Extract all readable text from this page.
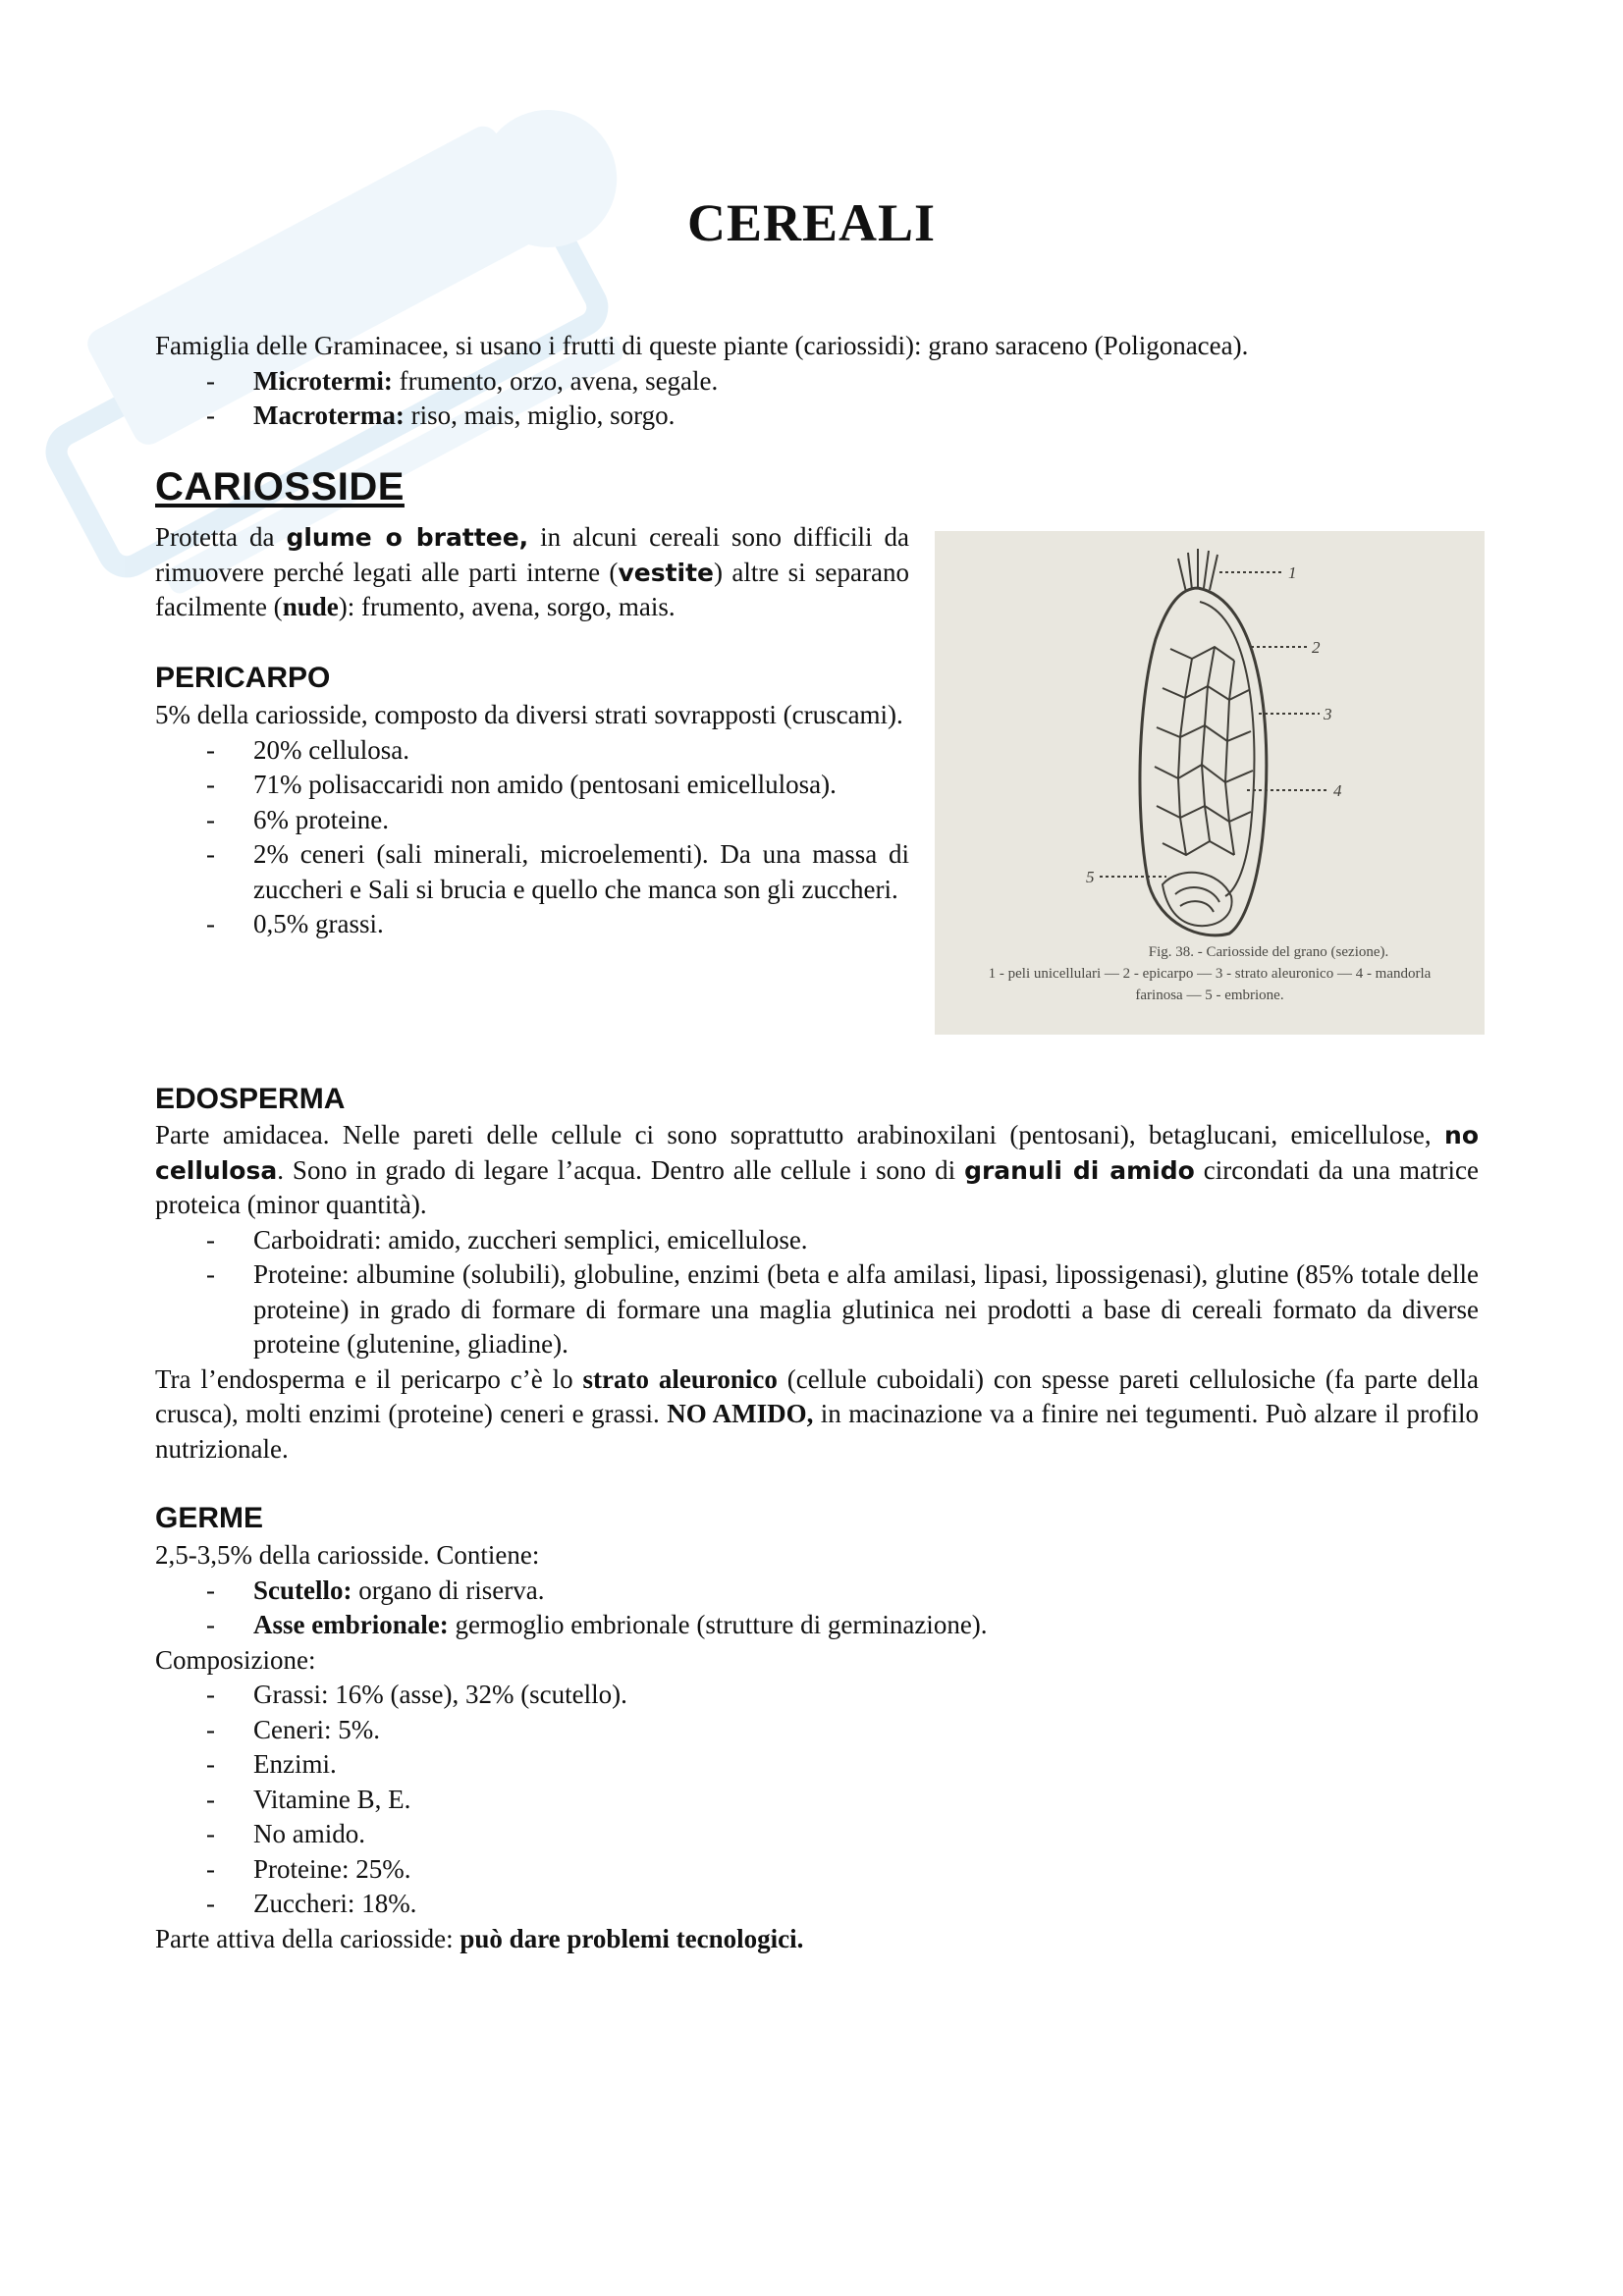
CEREALI

Famiglia delle Graminacee, si usano i frutti di queste piante (cariossidi): grano saraceno (Poligonacea).

- Microtermi: frumento, orzo, avena, segale.
- Macroterma: riso, mais, miglio, sorgo.
CARIOSSIDE

Protetta da glume o brattee, in alcuni cereali sono difficili da rimuovere perché legati alle parti interne (vestite) altre si separano facilmente (nude): frumento, avena, sorgo, mais.

PERICARPO

5% della cariosside, composto da diversi strati sovrapposti (cruscami).

- 20% cellulosa.
- 71% polisaccaridi non amido (pentosani emicellulosa).
- 6% proteine.
- 2% ceneri (sali minerali, microelementi). Da una massa di zuccheri e Sali si brucia e quello che manca son gli zuccheri.
- 0,5% grassi.
1
2
3
4
5

Fig. 38. - Cariosside del grano (sezione).

1 - peli unicellulari — 2 - epicarpo — 3 - strato aleuronico — 4 - mandorla

farinosa — 5 - embrione.

EDOSPERMA

Parte amidacea. Nelle pareti delle cellule ci sono soprattutto arabinoxilani (pentosani), betaglucani, emicellulose, no cellulosa. Sono in grado di legare l’acqua. Dentro alle cellule i sono di granuli di amido circondati da una matrice proteica (minor quantità).

- Carboidrati: amido, zuccheri semplici, emicellulose.
- Proteine: albumine (solubili), globuline, enzimi (beta e alfa amilasi, lipasi, lipossigenasi), glutine (85% totale delle proteine) in grado di formare di formare una maglia glutinica nei prodotti a base di cereali formato da diverse proteine (glutenine, gliadine).

Tra l’endosperma e il pericarpo c’è lo strato aleuronico (cellule cuboidali) con spesse pareti cellulosiche (fa parte della crusca), molti enzimi (proteine) ceneri e grassi. NO AMIDO, in macinazione va a finire nei tegumenti. Può alzare il profilo nutrizionale.

GERME

2,5-3,5% della cariosside. Contiene:

- Scutello: organo di riserva.
- Asse embrionale: germoglio embrionale (strutture di germinazione).

Composizione:

- Grassi: 16% (asse), 32% (scutello).
- Ceneri: 5%.
- Enzimi.
- Vitamine B, E.
- No amido.
- Proteine: 25%.
- Zuccheri: 18%.

Parte attiva della cariosside: può dare problemi tecnologici.
